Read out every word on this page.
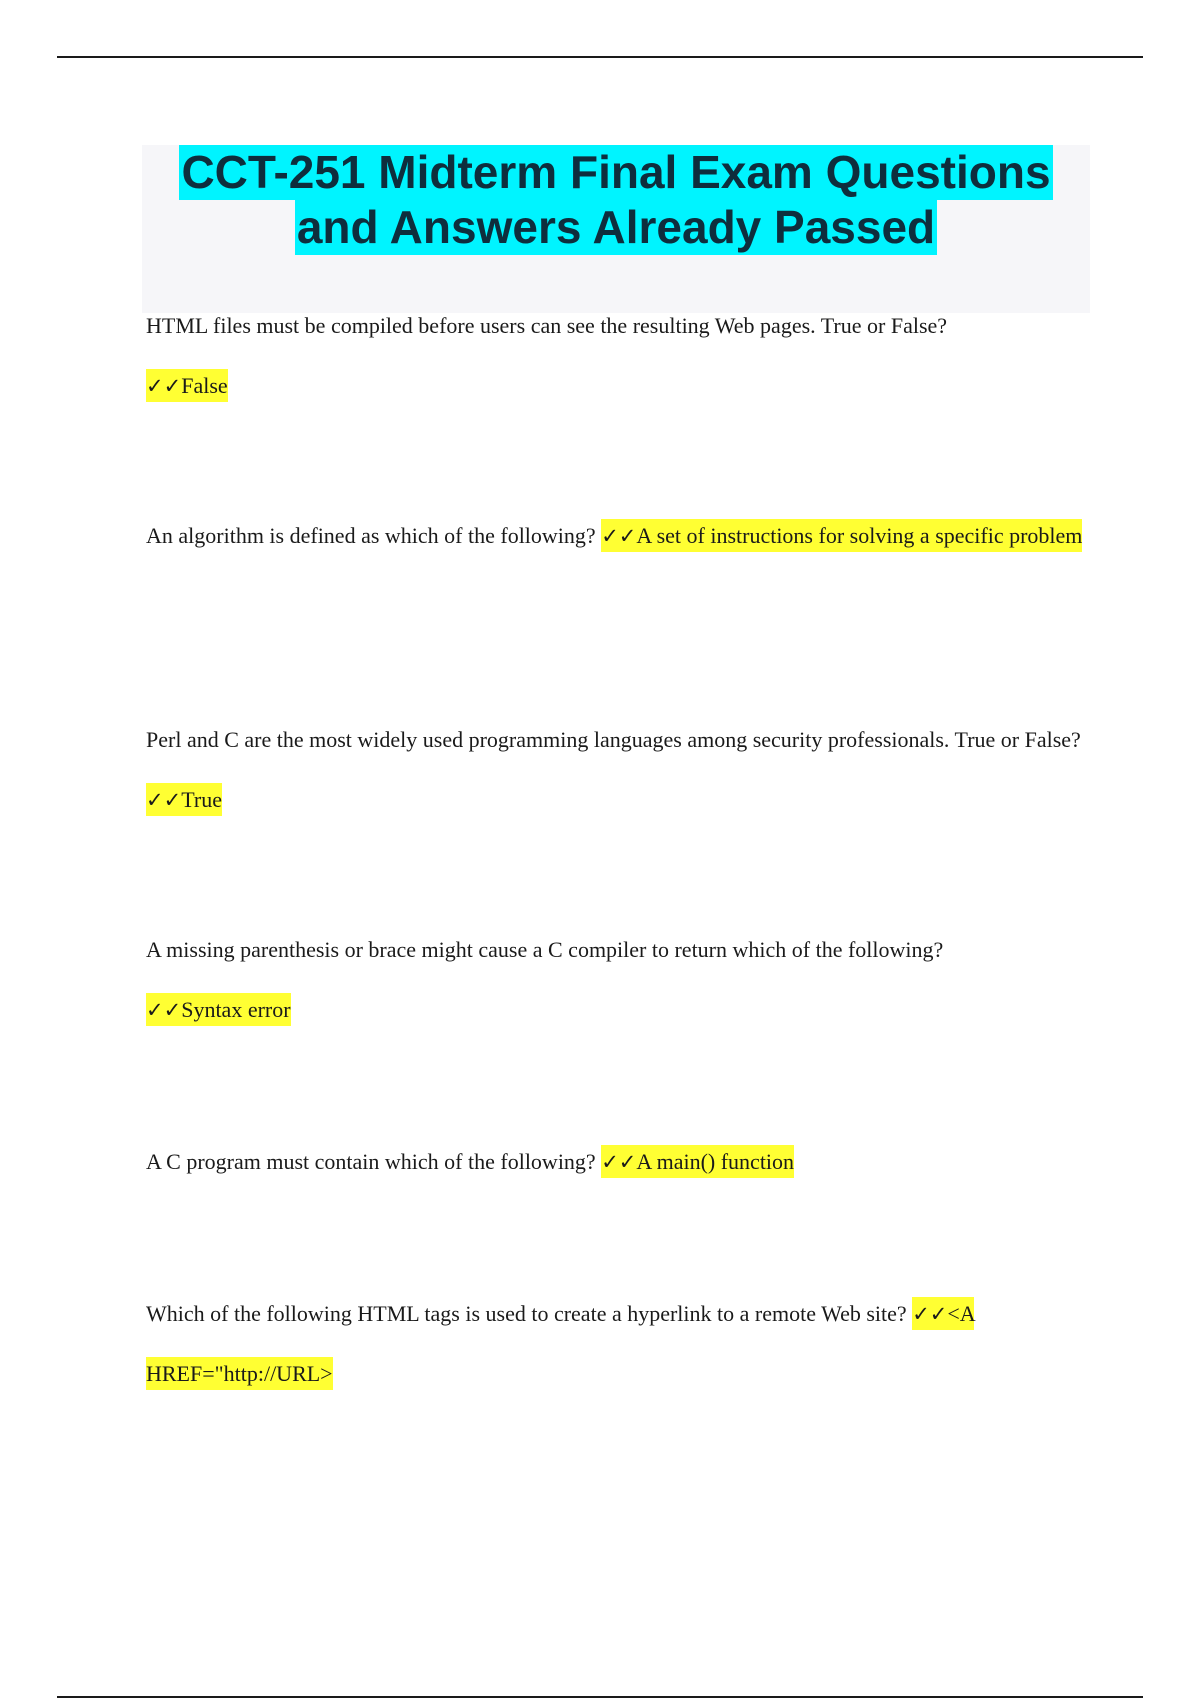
CCT-251 Midterm Final Exam Questions
and Answers Already Passed
HTML files must be compiled before users can see the resulting Web pages. True or False?
✓✓False
An algorithm is defined as which of the following? ✓✓A set of instructions for solving a specific problem
Perl and C are the most widely used programming languages among security professionals. True or False? ✓✓True
A missing parenthesis or brace might cause a C compiler to return which of the following?
✓✓Syntax error
A C program must contain which of the following? ✓✓A main() function
Which of the following HTML tags is used to create a hyperlink to a remote Web site? ✓✓<A HREF="http://URL>
